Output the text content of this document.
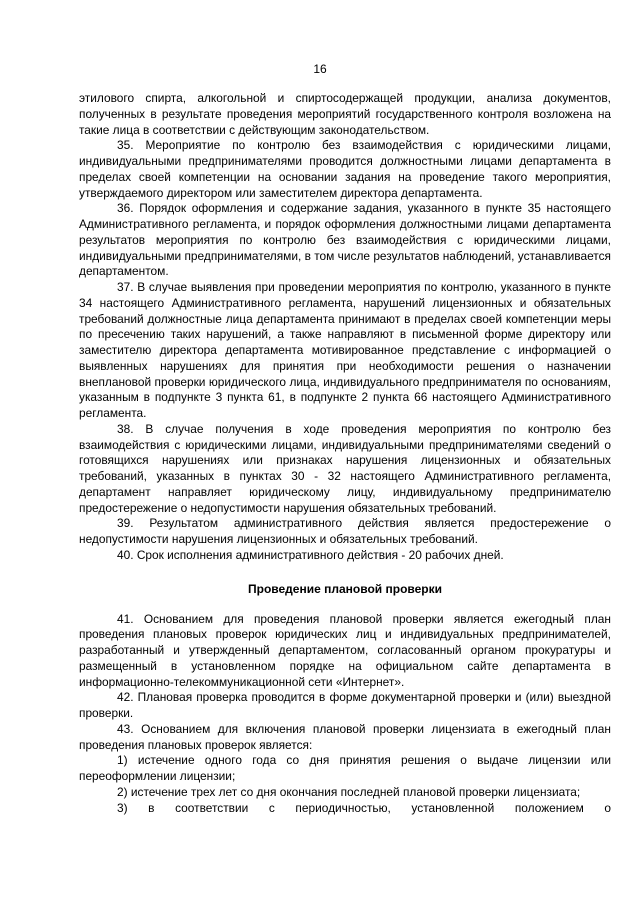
16

этилового спирта, алкогольной и спиртосодержащей продукции, анализа документов, полученных в результате проведения мероприятий государственного контроля возложена на такие лица в соответствии с действующим законодательством.

35. Мероприятие по контролю без взаимодействия с юридическими лицами, индивидуальными предпринимателями проводится должностными лицами департамента в пределах своей компетенции на основании задания на проведение такого мероприятия, утверждаемого директором или заместителем директора департамента.

36. Порядок оформления и содержание задания, указанного в пункте 35 настоящего Административного регламента, и порядок оформления должностными лицами департамента результатов мероприятия по контролю без взаимодействия с юридическими лицами, индивидуальными предпринимателями, в том числе результатов наблюдений, устанавливается департаментом.

37. В случае выявления при проведении мероприятия по контролю, указанного в пункте 34 настоящего Административного регламента, нарушений лицензионных и обязательных требований должностные лица департамента принимают в пределах своей компетенции меры по пресечению таких нарушений, а также направляют в письменной форме директору или заместителю директора департамента мотивированное представление с информацией о выявленных нарушениях для принятия при необходимости решения о назначении внеплановой проверки юридического лица, индивидуального предпринимателя по основаниям, указанным в подпункте 3 пункта 61, в подпункте 2 пункта 66 настоящего Административного регламента.

38. В случае получения в ходе проведения мероприятия по контролю без взаимодействия с юридическими лицами, индивидуальными предпринимателями сведений о готовящихся нарушениях или признаках нарушения лицензионных и обязательных требований, указанных в пунктах 30 - 32 настоящего Административного регламента, департамент направляет юридическому лицу, индивидуальному предпринимателю предостережение о недопустимости нарушения обязательных требований.

39. Результатом административного действия является предостережение о недопустимости нарушения лицензионных и обязательных требований.

40. Срок исполнения административного действия - 20 рабочих дней.

Проведение плановой проверки

41. Основанием для проведения плановой проверки является ежегодный план проведения плановых проверок юридических лиц и индивидуальных предпринимателей, разработанный и утвержденный департаментом, согласованный органом прокуратуры и размещенный в установленном порядке на официальном сайте департамента в информационно-телекоммуникационной сети «Интернет».

42. Плановая проверка проводится в форме документарной проверки и (или) выездной проверки.

43. Основанием для включения плановой проверки лицензиата в ежегодный план проведения плановых проверок является:

1) истечение одного года со дня принятия решения о выдаче лицензии или переоформлении лицензии;

2) истечение трех лет со дня окончания последней плановой проверки лицензиата;

3) в соответствии с периодичностью, установленной положением о
